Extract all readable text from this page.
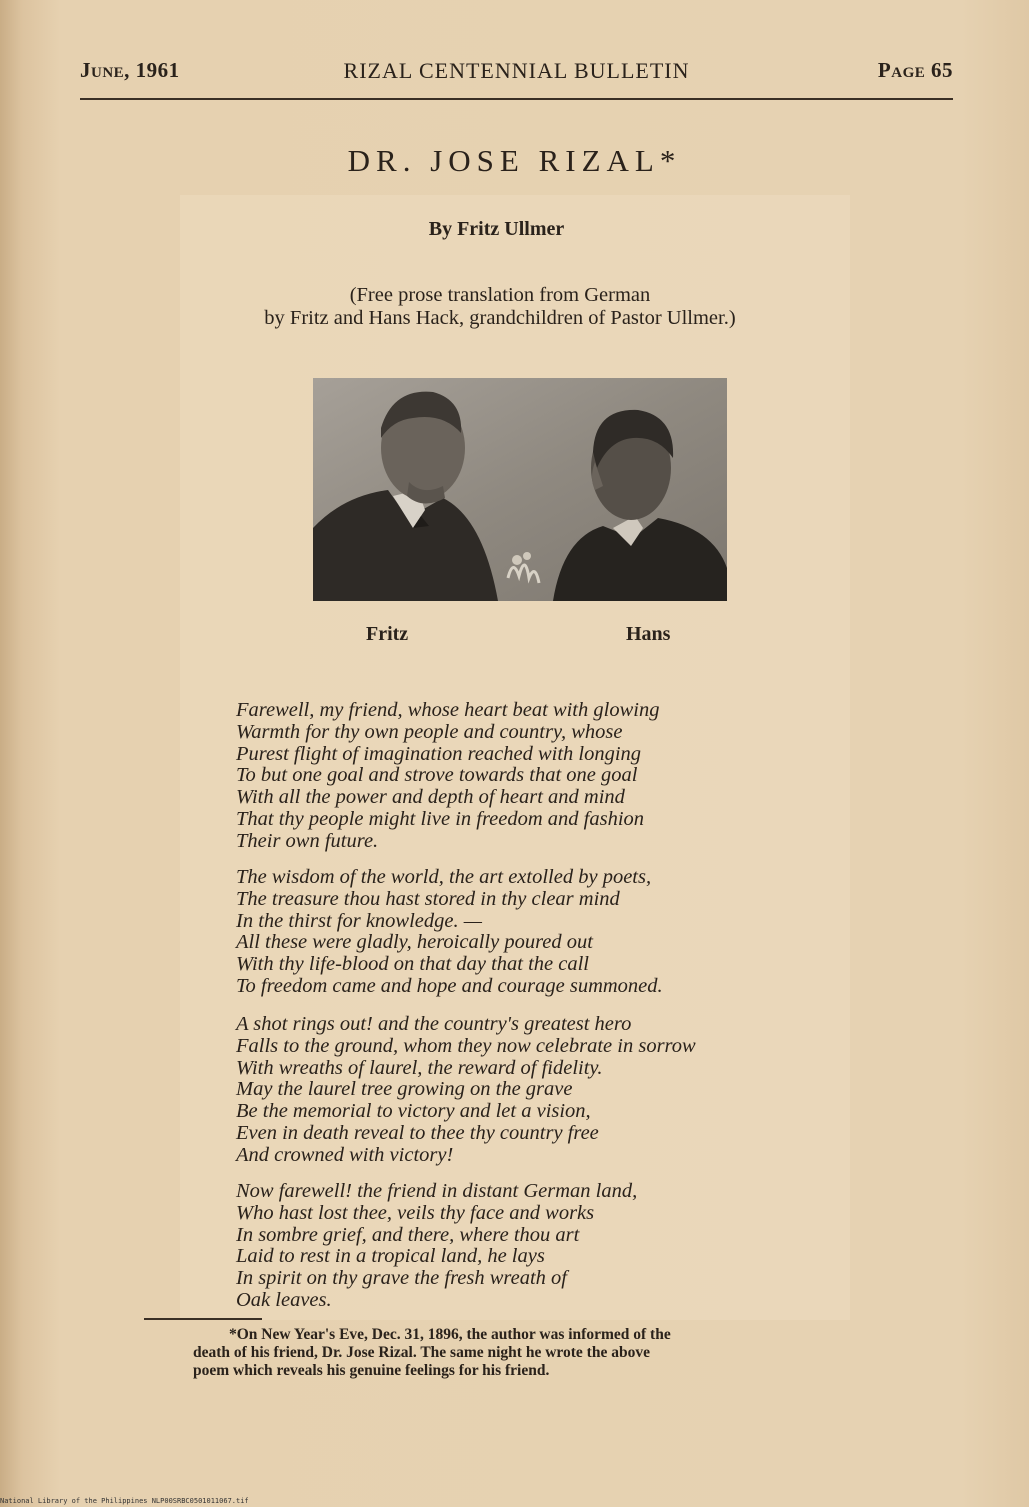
June, 1961	RIZAL CENTENNIAL BULLETIN	Page 65
DR. JOSE RIZAL*
By Fritz Ullmer
(Free prose translation from German
by Fritz and Hans Hack, grandchildren of Pastor Ullmer.)
Fritz	Hans
Farewell, my friend, whose heart beat with glowing
Warmth for thy own people and country, whose
Purest flight of imagination reached with longing
To but one goal and strove towards that one goal
With all the power and depth of heart and mind
That thy people might live in freedom and fashion
Their own future.
The wisdom of the world, the art extolled by poets,
The treasure thou hast stored in thy clear mind
In the thirst for knowledge. —
All these were gladly, heroically poured out
With thy life-blood on that day that the call
To freedom came and hope and courage summoned.
A shot rings out! and the country's greatest hero
Falls to the ground, whom they now celebrate in sorrow
With wreaths of laurel, the reward of fidelity.
May the laurel tree growing on the grave
Be the memorial to victory and let a vision,
Even in death reveal to thee thy country free
And crowned with victory!
Now farewell! the friend in distant German land,
Who hast lost thee, veils thy face and works
In sombre grief, and there, where thou art
Laid to rest in a tropical land, he lays
In spirit on thy grave the fresh wreath of
Oak leaves.
*On New Year's Eve, Dec. 31, 1896, the author was informed of the
death of his friend, Dr. Jose Rizal. The same night he wrote the above
poem which reveals his genuine feelings for his friend.
National Library of the Philippines NLP00SRBC0501011067.tif
